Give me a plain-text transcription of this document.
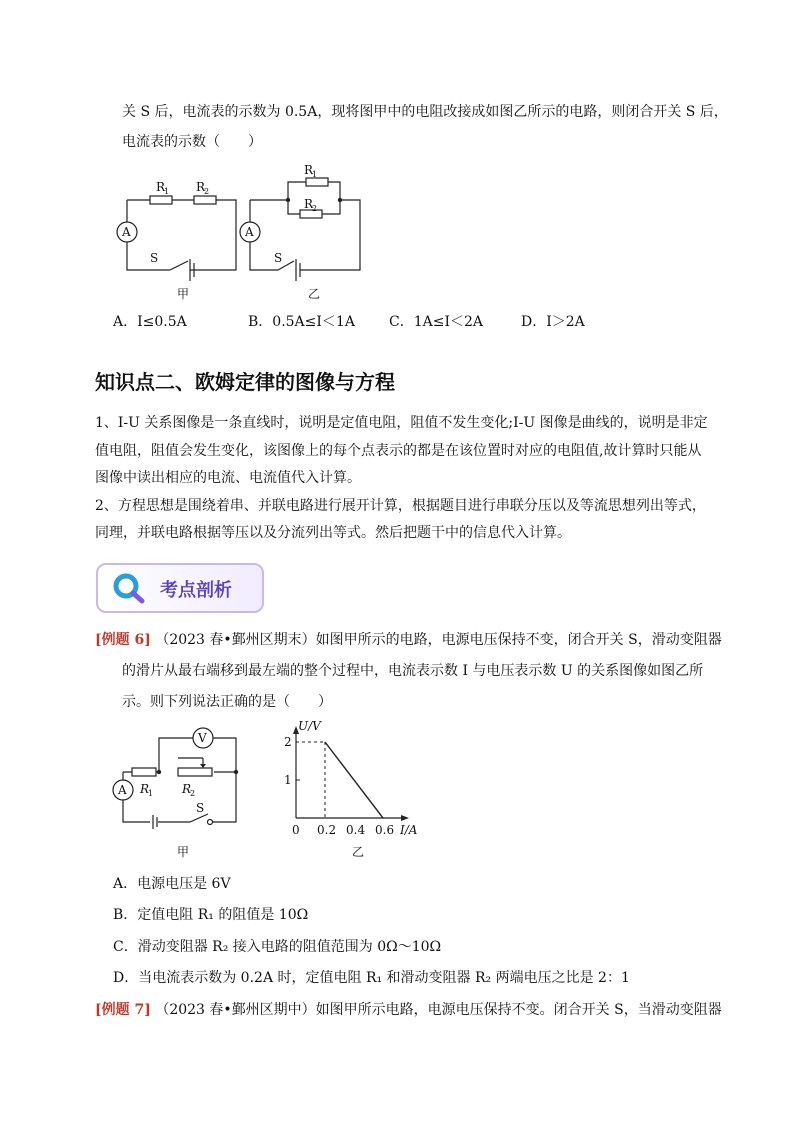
关 S 后，电流表的示数为 0.5A，现将图甲中的电阻改接成如图乙所示的电路，则闭合开关 S 后，
电流表的示数（　　）
A
R
1 R
2
S
甲
A
R
1
R
2
S
乙
A．I≤0.5A	B．0.5A≤I＜1A C．1A≤I＜2A	D．I＞2A
知识点二、欧姆定律的图像与方程
1、I-U 关系图像是一条直线时，说明是定值电阻，阻值不发生变化;I-U 图像是曲线的，说明是非定
值电阻，阻值会发生变化，该图像上的每个点表示的都是在该位置时对应的电阻值,故计算时只能从
图像中读出相应的电流、电流值代入计算。
2、方程思想是围绕着串、并联电路进行展开计算，根据题目进行串联分压以及等流思想列出等式，
同理，并联电路根据等压以及分流列出等式。然后把题干中的信息代入计算。
考点剖析
[例题 6] （2023 春•鄞州区期末）如图甲所示的电路，电源电压保持不变，闭合开关 S，滑动变阻器
的滑片从最右端移到最左端的整个过程中，电流表示数 I 与电压表示数 U 的关系图像如图乙所
示。则下列说法正确的是（　　）
A
V
R
1 R
2
S
甲
U/V
I/A
2
1
0 0.2 0.4 0.6
乙
A．电源电压是 6V
B．定值电阻 R₁ 的阻值是 10Ω
C．滑动变阻器 R₂ 接入电路的阻值范围为 0Ω～10Ω
D．当电流表示数为 0.2A 时，定值电阻 R₁ 和滑动变阻器 R₂ 两端电压之比是 2：1
[例题 7] （2023 春•鄞州区期中）如图甲所示电路，电源电压保持不变。闭合开关 S，当滑动变阻器
